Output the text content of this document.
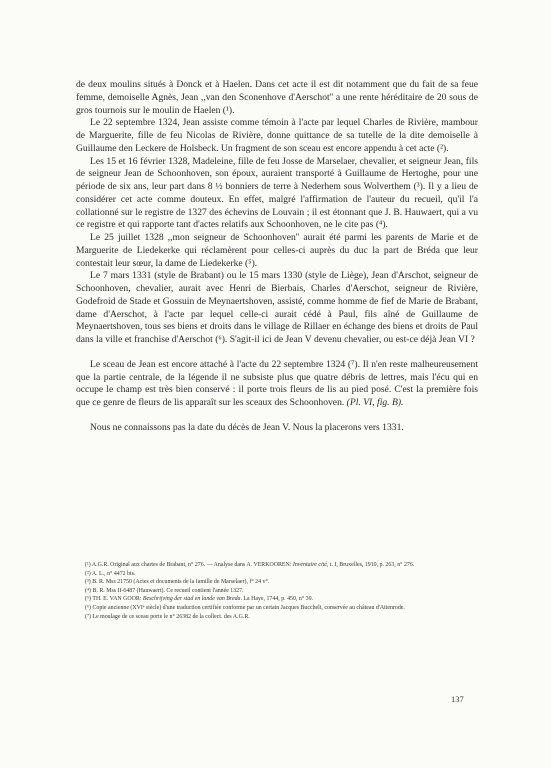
de deux moulins situés à Donck et à Haelen. Dans cet acte il est dit notamment que du fait de sa feue femme, demoiselle Agnès, Jean ,,van den Sconenhove d'Aerschot'' a une rente héréditaire de 20 sous de gros tournois sur le moulin de Haelen (¹).

Le 22 septembre 1324, Jean assiste comme témoin à l'acte par lequel Charles de Rivière, mambour de Marguerite, fille de feu Nicolas de Rivière, donne quittance de sa tutelle de la dite demoiselle à Guillaume den Leckere de Holsbeck. Un fragment de son sceau est encore appendu à cet acte (²).

Les 15 et 16 février 1328, Madeleine, fille de feu Josse de Marselaer, chevalier, et seigneur Jean, fils de seigneur Jean de Schoonhoven, son époux, auraient transporté à Guillaume de Hertoghe, pour une période de six ans, leur part dans 8 ½ bonniers de terre à Nederhem sous Wolverthem (³). Il y a lieu de considérer cet acte comme douteux. En effet, malgré l'affirmation de l'auteur du recueil, qu'il l'a collationné sur le registre de 1327 des échevins de Louvain ; il est étonnant que J. B. Hauwaert, qui a vu ce registre et qui rapporte tant d'actes relatifs aux Schoonhoven, ne le cite pas (⁴).

Le 25 juillet 1328 ,,mon seigneur de Schoonhoven'' aurait été parmi les parents de Marie et de Marguerite de Liedekerke qui réclamèrent pour celles-ci auprès du duc la part de Bréda que leur contestait leur sœur, la dame de Liedekerke (⁵).

Le 7 mars 1331 (style de Brabant) ou le 15 mars 1330 (style de Liège), Jean d'Arschot, seigneur de Schoonhoven, chevalier, aurait avec Henri de Bierbais, Charles d'Aerschot, seigneur de Rivière, Godefroid de Stade et Gossuin de Meynaertshoven, assisté, comme homme de fief de Marie de Brabant, dame d'Aerschot, à l'acte par lequel celle-ci aurait cédé à Paul, fils aîné de Guillaume de Meynaertshoven, tous ses biens et droits dans le village de Rillaer en échange des biens et droits de Paul dans la ville et franchise d'Aerschot (⁶). S'agit-il ici de Jean V devenu chevalier, ou est-ce déjà Jean VI ?

Le sceau de Jean est encore attaché à l'acte du 22 septembre 1324 (⁷). Il n'en reste malheureusement que la partie centrale, de la légende il ne subsiste plus que quatre débris de lettres, mais l'écu qui en occupe le champ est très bien conservé : il porte trois fleurs de lis au pied posé. C'est la première fois que ce genre de fleurs de lis apparaît sur les sceaux des Schoonhoven. (Pl. VI, fig. B).

Nous ne connaissons pas la date du décès de Jean V. Nous la placerons vers 1331.

(¹) A.G.R. Original aux chartes de Brabant, n° 276. — Analyse dans A. VERKOOREN: Inventaire cité, t. I, Bruxelles, 1910, p. 263, n° 276.

(²) A. L., n° 4472 bis.

(³) B. R. Mss 21750 (Actes et documents de la famille de Marselaer), f° 24 v°.

(⁴) B. R. Mss II-6487 (Hauwaert). Ce recueil contient l'année 1327.

(⁵) TH. E. VAN GOOR: Beschrijving der stad en lande van Breda. La Haye, 1744, p. 450, n° 39.

(⁶) Copie ancienne (XVIᵉ siècle) d'une traduction certifiée conforme par un certain Jacques Bucchelt, conservée au château d'Attenrode.

(⁷) Le moulage de ce sceau porte le n° 26382 de la collect. des A.G.R.

137
